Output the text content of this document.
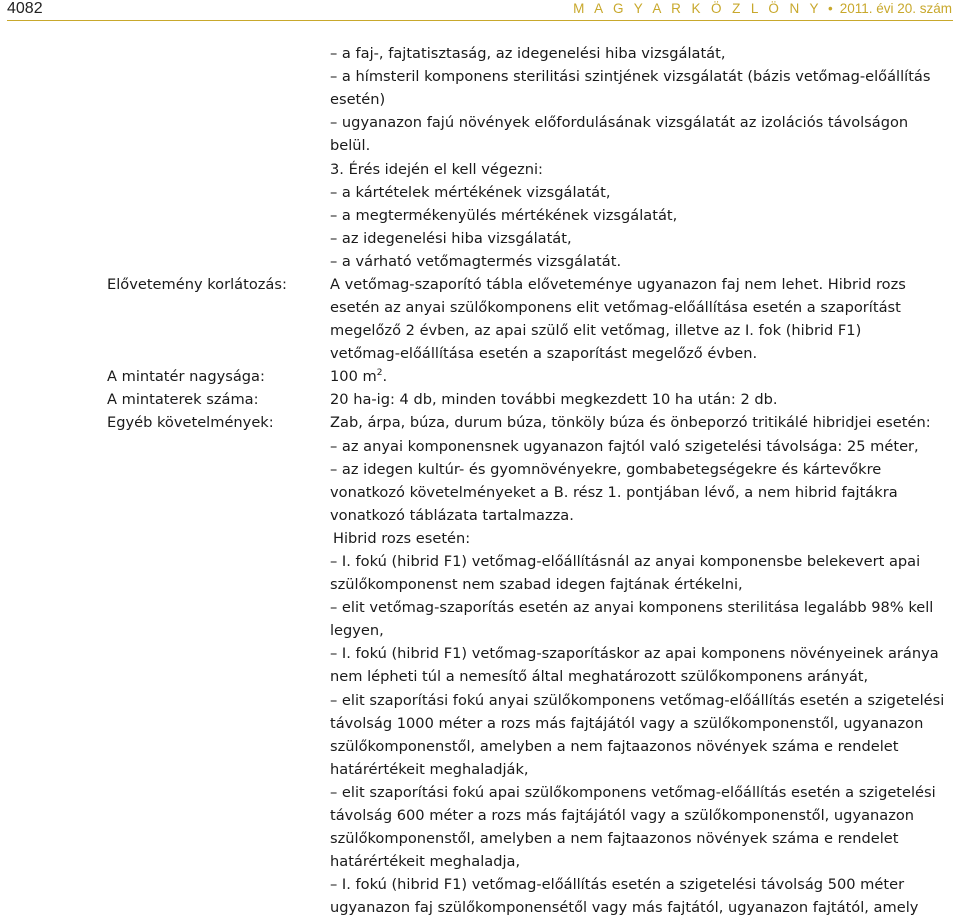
4082	M A G Y A R K Ö Z L Ö N Y • 2011. évi 20. szám
– a faj-, fajtatisztaság, az idegenelési hiba vizsgálatát,
– a hímsteril komponens sterilitási szintjének vizsgálatát (bázis vetőmag-előállítás
esetén)
– ugyanazon fajú növények előfordulásának vizsgálatát az izolációs távolságon
belül.
3. Érés idején el kell végezni:
– a kártételek mértékének vizsgálatát,
– a megtermékenyülés mértékének vizsgálatát,
– az idegenelési hiba vizsgálatát,
– a várható vetőmagtermés vizsgálatát.
Elővetemény korlátozás:	A vetőmag-szaporító tábla előveteménye ugyanazon faj nem lehet. Hibrid rozs
esetén az anyai szülőkomponens elit vetőmag-előállítása esetén a szaporítást
megelőző 2 évben, az apai szülő elit vetőmag, illetve az I. fok (hibrid F1)
vetőmag-előállítása esetén a szaporítást megelőző évben.
A mintatér nagysága:	100 $m^2$.
A mintaterek száma:	20 ha-ig: 4 db, minden további megkezdett 10 ha után: 2 db.
Egyéb követelmények:	Zab, árpa, búza, durum búza, tönköly búza és önbeporzó tritikálé hibridjei esetén:
– az anyai komponensnek ugyanazon fajtól való szigetelési távolsága: 25 méter,
– az idegen kultúr- és gyomnövényekre, gombabetegségekre és kártevőkre
vonatkozó követelményeket a B. rész 1. pontjában lévő, a nem hibrid fajtákra
vonatkozó táblázata tartalmazza.
Hibrid rozs esetén:
– I. fokú (hibrid F1) vetőmag-előállításnál az anyai komponensbe belekevert apai
szülőkomponenst nem szabad idegen fajtának értékelni,
– elit vetőmag-szaporítás esetén az anyai komponens sterilitása legalább 98% kell
legyen,
– I. fokú (hibrid F1) vetőmag-szaporításkor az apai komponens növényeinek aránya
nem lépheti túl a nemesítő által meghatározott szülőkomponens arányát,
– elit szaporítási fokú anyai szülőkomponens vetőmag-előállítás esetén a szigetelési
távolság 1000 méter a rozs más fajtájától vagy a szülőkomponenstől, ugyanazon
szülőkomponenstől, amelyben a nem fajtaazonos növények száma e rendelet
határértékeit meghaladják,
– elit szaporítási fokú apai szülőkomponens vetőmag-előállítás esetén a szigetelési
távolság 600 méter a rozs más fajtájától vagy a szülőkomponenstől, ugyanazon
szülőkomponenstől, amelyben a nem fajtaazonos növények száma e rendelet
határértékeit meghaladja,
– I. fokú (hibrid F1) vetőmag-előállítás esetén a szigetelési távolság 500 méter
ugyanazon faj szülőkomponensétől vagy más fajtától, ugyanazon fajtától, amely
